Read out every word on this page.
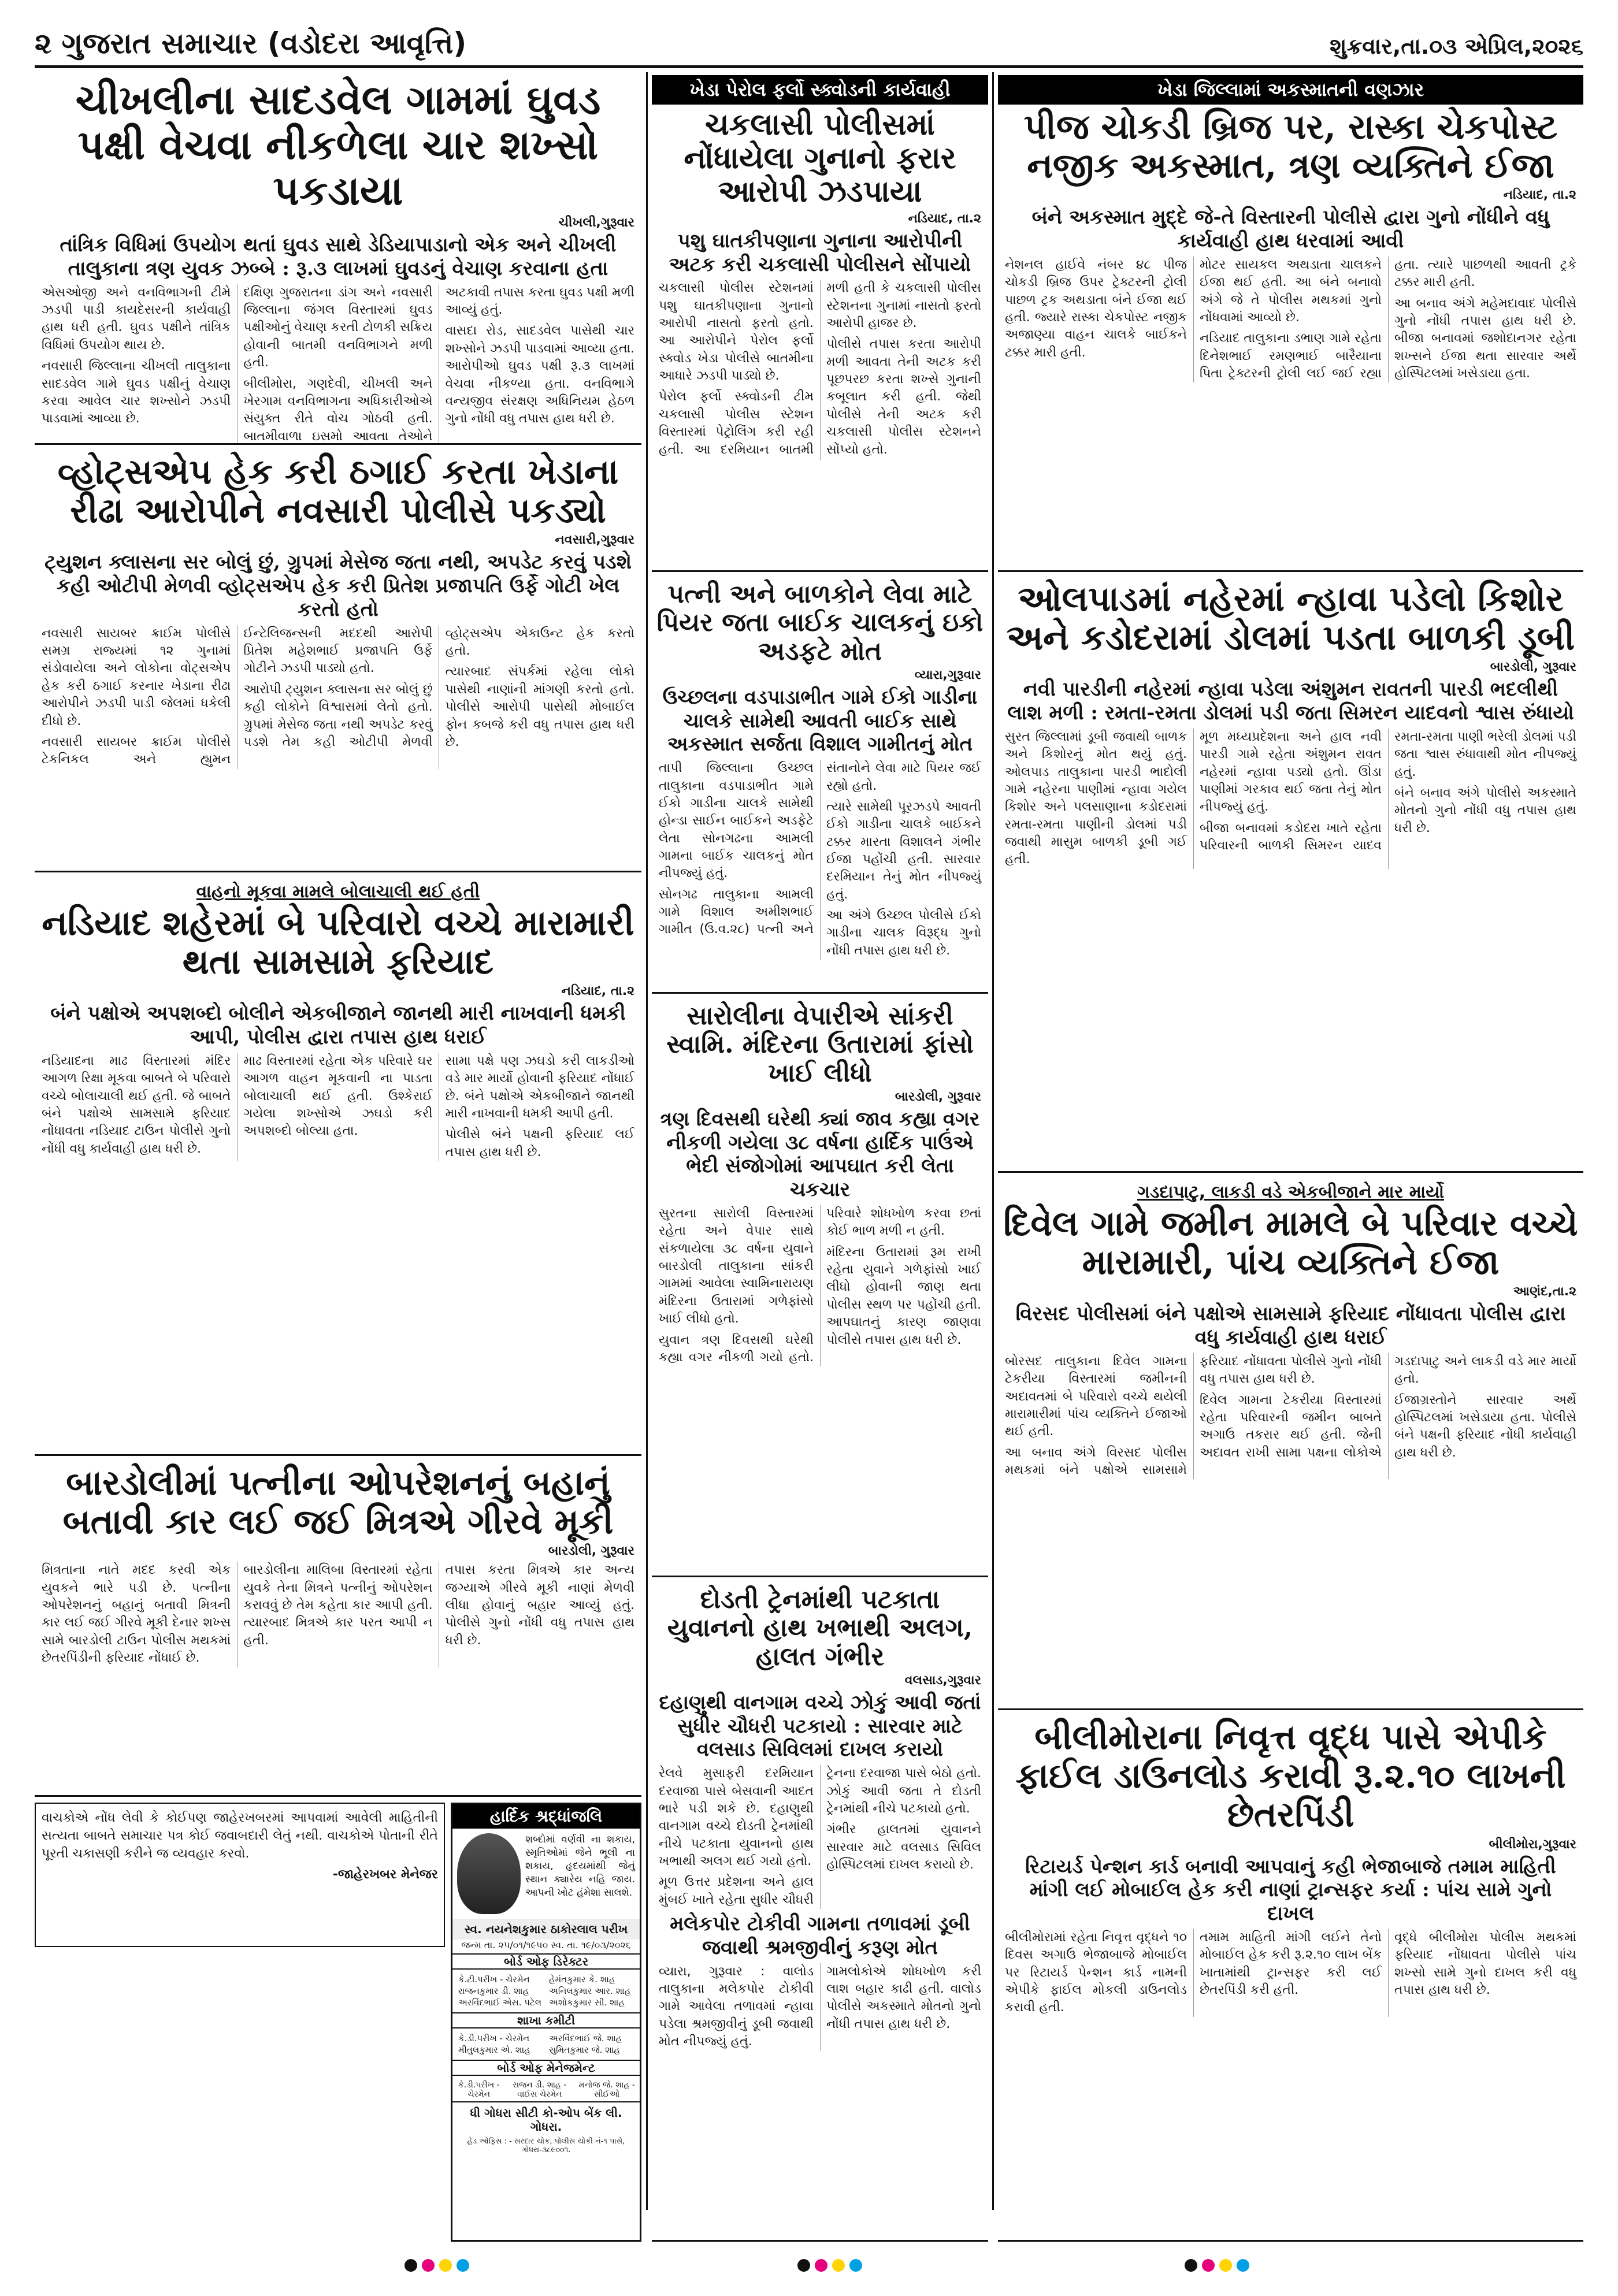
૨ ગુજરાત સમાચાર (વડોદરા આવૃત્તિ)	શુક્રવાર,તા.૦૩ એપ્રિલ,૨૦૨૬
ચીખલીના સાદડવેલ ગામમાં ઘુવડ પક્ષી વેચવા નીકળેલા ચાર શખ્સો પકડાયા
ચીખલી,ગુરૂવાર
તાંત્રિક વિધિમાં ઉપયોગ થતાં ઘુવડ સાથે ડેડિયાપાડાનો એક અને ચીખલી તાલુકાના ત્રણ યુવક ઝબ્બે : રૂ.૩ લાખમાં ઘુવડનું વેચાણ કરવાના હતા

એસઓજી અને વનવિભાગની ટીમે ઝડપી પાડી કાયદેસરની કાર્યવાહી હાથ ધરી હતી. ઘુવડ પક્ષીને તાંત્રિક વિધિમાં ઉપયોગ થાય છે.

નવસારી જિલ્લાના ચીખલી તાલુકાના સાદડવેલ ગામે ઘુવડ પક્ષીનું વેચાણ કરવા આવેલ ચાર શખ્સોને ઝડપી પાડવામાં આવ્યા છે.

દક્ષિણ ગુજરાતના ડાંગ અને નવસારી જિલ્લાના જંગલ વિસ્તારમાં ઘુવડ પક્ષીઓનું વેચાણ કરતી ટોળકી સક્રિય હોવાની બાતમી વનવિભાગને મળી હતી.

બીલીમોરા, ગણદેવી, ચીખલી અને ખેરગામ વનવિભાગના અધિકારીઓએ સંયુક્ત રીતે વોચ ગોઠવી હતી. બાતમીવાળા ઇસમો આવતા તેઓને અટકાવી તપાસ કરતા ઘુવડ પક્ષી મળી આવ્યું હતું.

વાસદા રોડ, સાદડવેલ પાસેથી ચાર શખ્સોને ઝડપી પાડવામાં આવ્યા હતા. આરોપીઓ ઘુવડ પક્ષી રૂ.૩ લાખમાં વેચવા નીકળ્યા હતા. વનવિભાગે વન્યજીવ સંરક્ષણ અધિનિયમ હેઠળ ગુનો નોંધી વધુ તપાસ હાથ ધરી છે.

ખેડા પેરોલ ફર્લો સ્ક્વોડની કાર્યવાહી
ચકલાસી પોલીસમાં નોંધાયેલા ગુનાનો ફરાર આરોપી ઝડપાયા
નડિયાદ, તા.૨
પશુ ઘાતકીપણાના ગુનાના આરોપીની અટક કરી ચકલાસી પોલીસને સોંપાયો

ચકલાસી પોલીસ સ્ટેશનમાં પશુ ઘાતકીપણાના ગુનાનો આરોપી નાસતો ફરતો હતો. આ આરોપીને પેરોલ ફર્લો સ્ક્વોડ ખેડા પોલીસે બાતમીના આધારે ઝડપી પાડ્યો છે.

પેરોલ ફર્લો સ્ક્વોડની ટીમ ચકલાસી પોલીસ સ્ટેશન વિસ્તારમાં પેટ્રોલિંગ કરી રહી હતી. આ દરમિયાન બાતમી મળી હતી કે ચકલાસી પોલીસ સ્ટેશનના ગુનામાં નાસતો ફરતો આરોપી હાજર છે.

પોલીસે તપાસ કરતા આરોપી મળી આવતા તેની અટક કરી પૂછપરછ કરતા શખ્સે ગુનાની કબૂલાત કરી હતી. જેથી પોલીસે તેની અટક કરી ચકલાસી પોલીસ સ્ટેશનને સોંપ્યો હતો.

ખેડા જિલ્લામાં અકસ્માતની વણઝાર
પીજ ચોકડી બ્રિજ પર, રાસ્કા ચેકપોસ્ટ નજીક અકસ્માત, ત્રણ વ્યક્તિને ઈજા
નડિયાદ, તા.૨
બંને અકસ્માત મુદ્દે જે-તે વિસ્તારની પોલીસે દ્વારા ગુનો નોંધીને વધુ કાર્યવાહી હાથ ધરવામાં આવી

નેશનલ હાઈવે નંબર ૪૮ પીજ ચોકડી બ્રિજ ઉપર ટ્રેક્ટરની ટ્રોલી પાછળ ટ્રક અથડાતા બંને ઈજા થઈ હતી. જ્યારે રાસ્કા ચેકપોસ્ટ નજીક અજાણ્યા વાહન ચાલકે બાઈકને ટક્કર મારી હતી.

મોટર સાયકલ અથડાતા ચાલકને ઈજા થઈ હતી. આ બંને બનાવો અંગે જે તે પોલીસ મથકમાં ગુનો નોંધવામાં આવ્યો છે.

નડિયાદ તાલુકાના ડભાણ ગામે રહેતા દિનેશભાઈ રમણભાઈ બારૈયાના પિતા ટ્રેક્ટરની ટ્રોલી લઈ જઈ રહ્યા હતા. ત્યારે પાછળથી આવતી ટ્રકે ટક્કર મારી હતી.

આ બનાવ અંગે મહેમદાવાદ પોલીસે ગુનો નોંધી તપાસ હાથ ધરી છે. બીજા બનાવમાં જશોદાનગર રહેતા શખ્સને ઈજા થતા સારવાર અર્થે હોસ્પિટલમાં ખસેડાયા હતા.

વ્હોટ્સએપ હેક કરી ઠગાઈ કરતા ખેડાના રીઢા આરોપીને નવસારી પોલીસે પકડ્યો
નવસારી,ગુરૂવાર
ટ્યુશન ક્લાસના સર બોલું છું, ગ્રુપમાં મેસેજ જતા નથી, અપડેટ કરવું પડશે કહી ઓટીપી મેળવી વ્હોટ્સએપ હેક કરી પ્રિતેશ પ્રજાપતિ ઉર્ફે ગોટી ખેલ કરતો હતો

નવસારી સાયબર ક્રાઈમ પોલીસે સમગ્ર રાજ્યમાં ૧૨ ગુનામાં સંડોવાયેલા અને લોકોના વોટ્સએપ હેક કરી ઠગાઈ કરનાર ખેડાના રીઢા આરોપીને ઝડપી પાડી જેલમાં ધકેલી દીધો છે.

નવસારી સાયબર ક્રાઈમ પોલીસે ટેકનિકલ અને હ્યુમન ઈન્ટેલિજન્સની મદદથી આરોપી પ્રિતેશ મહેશભાઈ પ્રજાપતિ ઉર્ફે ગોટીને ઝડપી પાડ્યો હતો.

આરોપી ટ્યુશન ક્લાસના સર બોલું છું કહી લોકોને વિશ્વાસમાં લેતો હતો. ગ્રુપમાં મેસેજ જતા નથી અપડેટ કરવું પડશે તેમ કહી ઓટીપી મેળવી વ્હોટ્સએપ એકાઉન્ટ હેક કરતો હતો.

ત્યારબાદ સંપર્કમાં રહેલા લોકો પાસેથી નાણાંની માંગણી કરતો હતો. પોલીસે આરોપી પાસેથી મોબાઈલ ફોન કબજે કરી વધુ તપાસ હાથ ધરી છે.

પત્ની અને બાળકોને લેવા માટે પિયર જતા બાઈક ચાલકનું ઇકો અડફટે મોત
વ્યારા,ગુરૂવાર
ઉચ્છલના વડપાડાભીત ગામે ઈકો ગાડીના ચાલકે સામેથી આવતી બાઈક સાથે અકસ્માત સર્જતા વિશાલ ગામીતનું મોત

તાપી જિલ્લાના ઉચ્છલ તાલુકાના વડપાડાભીત ગામે ઈકો ગાડીના ચાલકે સામેથી હોન્ડા સાઈન બાઈકને અડફેટે લેતા સોનગઢના આમલી ગામના બાઈક ચાલકનું મોત નીપજ્યું હતું.

સોનગઢ તાલુકાના આમલી ગામે વિશાલ અમીશભાઈ ગામીત (ઉ.વ.૨૮) પત્ની અને સંતાનોને લેવા માટે પિયર જઈ રહ્યો હતો.

ત્યારે સામેથી પૂરઝડપે આવતી ઈકો ગાડીના ચાલકે બાઈકને ટક્કર મારતા વિશાલને ગંભીર ઈજા પહોંચી હતી. સારવાર દરમિયાન તેનું મોત નીપજ્યું હતું.

આ અંગે ઉચ્છલ પોલીસે ઈકો ગાડીના ચાલક વિરૂદ્ધ ગુનો નોંધી તપાસ હાથ ધરી છે.

ઓલપાડમાં નહેરમાં ન્હાવા પડેલો કિશોર અને કડોદરામાં ડોલમાં પડતા બાળકી ડૂબી
બારડોલી, ગુરૂવાર
નવી પારડીની નહેરમાં ન્હાવા પડેલા અંશુમન રાવતની પારડી ભદલીથી લાશ મળી : રમતા-રમતા ડોલમાં પડી જતા સિમરન યાદવનો શ્વાસ રુંધાયો

સુરત જિલ્લામાં ડૂબી જવાથી બાળક અને કિશોરનું મોત થયું હતું. ઓલપાડ તાલુકાના પારડી ભાદોલી ગામે નહેરના પાણીમાં ન્હાવા ગયેલ કિશોર અને પલસાણાના કડોદરામાં રમતા-રમતા પાણીની ડોલમાં પડી જવાથી માસુમ બાળકી ડૂબી ગઈ હતી.

મૂળ મધ્યપ્રદેશના અને હાલ નવી પારડી ગામે રહેતા અંશુમન રાવત નહેરમાં ન્હાવા પડ્યો હતો. ઊંડા પાણીમાં ગરકાવ થઈ જતા તેનું મોત નીપજ્યું હતું.

બીજા બનાવમાં કડોદરા ખાતે રહેતા પરિવારની બાળકી સિમરન યાદવ રમતા-રમતા પાણી ભરેલી ડોલમાં પડી જતા શ્વાસ રુંધાવાથી મોત નીપજ્યું હતું.

બંને બનાવ અંગે પોલીસે અકસ્માતે મોતનો ગુનો નોંધી વધુ તપાસ હાથ ધરી છે.

વાહનો મૂકવા મામલે બોલાચાલી થઈ હતી
નડિયાદ શહેરમાં બે પરિવારો વચ્ચે મારામારી થતા સામસામે ફરિયાદ
નડિયાદ, તા.૨
બંને પક્ષોએ અપશબ્દો બોલીને એકબીજાને જાનથી મારી નાખવાની ધમકી આપી, પોલીસ દ્વારા તપાસ હાથ ધરાઈ

નડિયાદના માઢ વિસ્તારમાં મંદિર આગળ રિક્ષા મૂકવા બાબતે બે પરિવારો વચ્ચે બોલાચાલી થઈ હતી. જે બાબતે બંને પક્ષોએ સામસામે ફરિયાદ નોંધાવતા નડિયાદ ટાઉન પોલીસે ગુનો નોંધી વધુ કાર્યવાહી હાથ ધરી છે.

માઢ વિસ્તારમાં રહેતા એક પરિવારે ઘર આગળ વાહન મૂકવાની ના પાડતા બોલાચાલી થઈ હતી. ઉશ્કેરાઈ ગયેલા શખ્સોએ ઝઘડો કરી અપશબ્દો બોલ્યા હતા.

સામા પક્ષે પણ ઝઘડો કરી લાકડીઓ વડે માર માર્યો હોવાની ફરિયાદ નોંધાઈ છે. બંને પક્ષોએ એકબીજાને જાનથી મારી નાખવાની ધમકી આપી હતી.

પોલીસે બંને પક્ષની ફરિયાદ લઈ તપાસ હાથ ધરી છે.

સારોલીના વેપારીએ સાંકરી સ્વામિ. મંદિરના ઉતારામાં ફાંસો ખાઈ લીધો
બારડોલી, ગુરૂવાર
ત્રણ દિવસથી ઘરેથી ક્યાં જાવ કહ્યા વગર નીકળી ગયેલા ૩૮ વર્ષના હાર્દિક પાઉંએ ભેદી સંજોગોમાં આપઘાત કરી લેતા ચકચાર

સુરતના સારોલી વિસ્તારમાં રહેતા અને વેપાર સાથે સંકળાયેલા ૩૮ વર્ષના યુવાને બારડોલી તાલુકાના સાંકરી ગામમાં આવેલા સ્વામિનારાયણ મંદિરના ઉતારામાં ગળેફાંસો ખાઈ લીધો હતો.

યુવાન ત્રણ દિવસથી ઘરેથી કહ્યા વગર નીકળી ગયો હતો. પરિવારે શોધખોળ કરવા છતાં કોઈ ભાળ મળી ન હતી.

મંદિરના ઉતારામાં રૂમ રાખી રહેતા યુવાને ગળેફાંસો ખાઈ લીધો હોવાની જાણ થતા પોલીસ સ્થળ પર પહોંચી હતી. આપઘાતનું કારણ જાણવા પોલીસે તપાસ હાથ ધરી છે.

ગડદાપાટુ, લાકડી વડે એકબીજાને માર માર્યો
દિવેલ ગામે જમીન મામલે બે પરિવાર વચ્ચે મારામારી, પાંચ વ્યક્તિને ઈજા
આણંદ,તા.૨
વિરસદ પોલીસમાં બંને પક્ષોએ સામસામે ફરિયાદ નોંધાવતા પોલીસ દ્વારા વધુ કાર્યવાહી હાથ ધરાઈ

બોરસદ તાલુકાના દિવેલ ગામના ટેકરીયા વિસ્તારમાં જમીનની અદાવતમાં બે પરિવારો વચ્ચે થયેલી મારામારીમાં પાંચ વ્યક્તિને ઈજાઓ થઈ હતી.

આ બનાવ અંગે વિરસદ પોલીસ મથકમાં બંને પક્ષોએ સામસામે ફરિયાદ નોંધાવતા પોલીસે ગુનો નોંધી વધુ તપાસ હાથ ધરી છે.

દિવેલ ગામના ટેકરીયા વિસ્તારમાં રહેતા પરિવારની જમીન બાબતે અગાઉ તકરાર થઈ હતી. જેની અદાવત રાખી સામા પક્ષના લોકોએ ગડદાપાટુ અને લાકડી વડે માર માર્યો હતો.

ઈજાગ્રસ્તોને સારવાર અર્થે હોસ્પિટલમાં ખસેડાયા હતા. પોલીસે બંને પક્ષની ફરિયાદ નોંધી કાર્યવાહી હાથ ધરી છે.

બારડોલીમાં પત્નીના ઓપરેશનનું બહાનું બતાવી કાર લઈ જઈ મિત્રએ ગીરવે મૂકી
બારડોલી, ગુરૂવાર

મિત્રતાના નાતે મદદ કરવી એક યુવકને ભારે પડી છે. પત્નીના ઓપરેશનનું બહાનું બતાવી મિત્રની કાર લઈ જઈ ગીરવે મૂકી દેનાર શખ્સ સામે બારડોલી ટાઉન પોલીસ મથકમાં છેતરપિંડીની ફરિયાદ નોંધાઈ છે.

બારડોલીના માલિબા વિસ્તારમાં રહેતા યુવકે તેના મિત્રને પત્નીનું ઓપરેશન કરાવવું છે તેમ કહેતા કાર આપી હતી. ત્યારબાદ મિત્રએ કાર પરત આપી ન હતી.

તપાસ કરતા મિત્રએ કાર અન્ય જગ્યાએ ગીરવે મૂકી નાણાં મેળવી લીધા હોવાનું બહાર આવ્યું હતું. પોલીસે ગુનો નોંધી વધુ તપાસ હાથ ધરી છે.

દોડતી ટ્રેનમાંથી પટકાતા યુવાનનો હાથ ખભાથી અલગ, હાલત ગંભીર
વલસાડ,ગુરૂવાર
દહાણુથી વાનગામ વચ્ચે ઝોકું આવી જતાં સુધીર ચૌધરી પટકાયો : સારવાર માટે વલસાડ સિવિલમાં દાખલ કરાયો

રેલવે મુસાફરી દરમિયાન દરવાજા પાસે બેસવાની આદત ભારે પડી શકે છે. દહાણુથી વાનગામ વચ્ચે દોડતી ટ્રેનમાંથી નીચે પટકાતા યુવાનનો હાથ ખભાથી અલગ થઈ ગયો હતો.

મૂળ ઉત્તર પ્રદેશના અને હાલ મુંબઈ ખાતે રહેતા સુધીર ચૌધરી ટ્રેનના દરવાજા પાસે બેઠો હતો. ઝોકું આવી જતા તે દોડતી ટ્રેનમાંથી નીચે પટકાયો હતો.

ગંભીર હાલતમાં યુવાનને સારવાર માટે વલસાડ સિવિલ હોસ્પિટલમાં દાખલ કરાયો છે.

મલેકપોર ટોકીવી ગામના તળાવમાં ડૂબી જવાથી શ્રમજીવીનું કરૂણ મોત

વ્યારા, ગુરૂવાર : વાલોડ તાલુકાના મલેકપોર ટોકીવી ગામે આવેલા તળાવમાં ન્હાવા પડેલા શ્રમજીવીનું ડૂબી જવાથી મોત નીપજ્યું હતું.

ગામલોકોએ શોધખોળ કરી લાશ બહાર કાઢી હતી. વાલોડ પોલીસે અકસ્માતે મોતનો ગુનો નોંધી તપાસ હાથ ધરી છે.

બીલીમોરાના નિવૃત્ત વૃદ્ધ પાસે એપીકે ફાઈલ ડાઉનલોડ કરાવી રૂ.૨.૧૦ લાખની છેતરપિંડી
બીલીમોરા,ગુરૂવાર
રિટાયર્ડ પેન્શન કાર્ડ બનાવી આપવાનું કહી ભેજાબાજે તમામ માહિતી માંગી લઈ મોબાઈલ હેક કરી નાણાં ટ્રાન્સફર કર્યા : પાંચ સામે ગુનો દાખલ

બીલીમોરામાં રહેતા નિવૃત્ત વૃદ્ધને ૧૦ દિવસ અગાઉ ભેજાબાજે મોબાઈલ પર રિટાયર્ડ પેન્શન કાર્ડ નામની એપીકે ફાઈલ મોકલી ડાઉનલોડ કરાવી હતી.

તમામ માહિતી માંગી લઈને તેનો મોબાઈલ હેક કરી રૂ.૨.૧૦ લાખ બેંક ખાતામાંથી ટ્રાન્સફર કરી લઈ છેતરપિંડી કરી હતી.

વૃદ્ધે બીલીમોરા પોલીસ મથકમાં ફરિયાદ નોંધાવતા પોલીસે પાંચ શખ્સો સામે ગુનો દાખલ કરી વધુ તપાસ હાથ ધરી છે.

હાર્દિક શ્રદ્ધાંજલિ
શબ્દોમાં વર્ણવી ના શકાય, સ્મૃતિઓમાં જેને ભૂલી ના શકાય, હૃદયમાંથી જેનું સ્થાન ક્યારેય નહિ જાય. આપની ખોટ હંમેશા સાલશે.
સ્વ. નયનેશકુમાર ઠાકોરલાલ પરીખ
જન્મ તા. ૨૫/૦૧/૧૯૫૦ સ્વ. તા. ૧૯/૦૩/૨૦૨૬
બોર્ડ ઓફ ડિરેક્ટર
કે.ટી.પરીખ - ચેરમેન	હેમંતકુમાર કે. શાહ
રાજનકુમાર ડી. શાહ	અનિલકુમાર આર. શાહ
અરવિંદભાઈ એસ. પટેલ અશોકકુમાર સી. શાહ
શાખા કમીટી
કે.ડી.પરીખ - ચેરમેન	અરવિંદભાઈ જે. શાહ
મીતુલકુમાર એ. શાહ	સુમિતકુમાર જે. શાહ
બોર્ડ ઓફ મેનેજમેન્ટ
કે.ડી.પરીખ - ચેરમેન
રાજન ડી. શાહ - વાઈસ ચેરમેન
મનોજ જે. શાહ - સીઈઓ
ધી ગોધરા સીટી કો-ઓપ બેંક લી. ગોધરા.
હેડ ઓફિસ : - સરદાર ચોક, પોલીસ ચોકી નં-૧ પાસે, ગોધરા-૩૮૯૦૦૧.
વાચકોએ નોંધ લેવી કે કોઈપણ જાહેરખબરમાં આપવામાં આવેલી માહિતીની સત્યતા બાબતે સમાચાર પત્ર કોઈ જવાબદારી લેતું નથી. વાચકોએ પોતાની રીતે પૂરતી ચકાસણી કરીને જ વ્યવહાર કરવો.
-જાહેરખબર મેનેજર
